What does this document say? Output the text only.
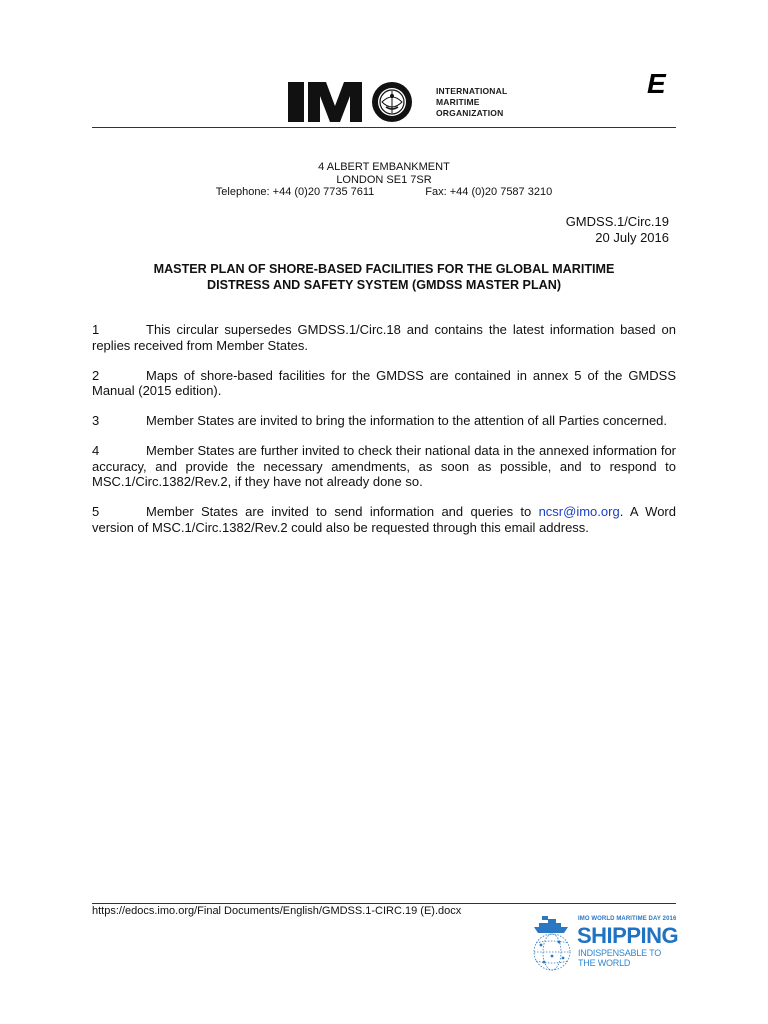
INTERNATIONAL
MARITIME
ORGANIZATION
E
4 ALBERT EMBANKMENT
LONDON SE1 7SR
Telephone: +44 (0)20 7735 7611	Fax: +44 (0)20 7587 3210
GMDSS.1/Circ.19
20 July 2016
MASTER PLAN OF SHORE-BASED FACILITIES FOR THE GLOBAL MARITIME
DISTRESS AND SAFETY SYSTEM (GMDSS MASTER PLAN)

1	This circular supersedes GMDSS.1/Circ.18 and contains the latest information based on replies received from Member States.

2	Maps of shore-based facilities for the GMDSS are contained in annex 5 of the GMDSS Manual (2015 edition).

3	Member States are invited to bring the information to the attention of all Parties concerned.

4	Member States are further invited to check their national data in the annexed information for accuracy, and provide the necessary amendments, as soon as possible, and to respond to MSC.1/Circ.1382/Rev.2, if they have not already done so.

5	Member States are invited to send information and queries to ncsr@imo.org. A Word version of MSC.1/Circ.1382/Rev.2 could also be requested through this email address.

https://edocs.imo.org/Final Documents/English/GMDSS.1-CIRC.19 (E).docx
IMO WORLD MARITIME DAY 2016
SHIPPING
INDISPENSABLE TO
THE WORLD
